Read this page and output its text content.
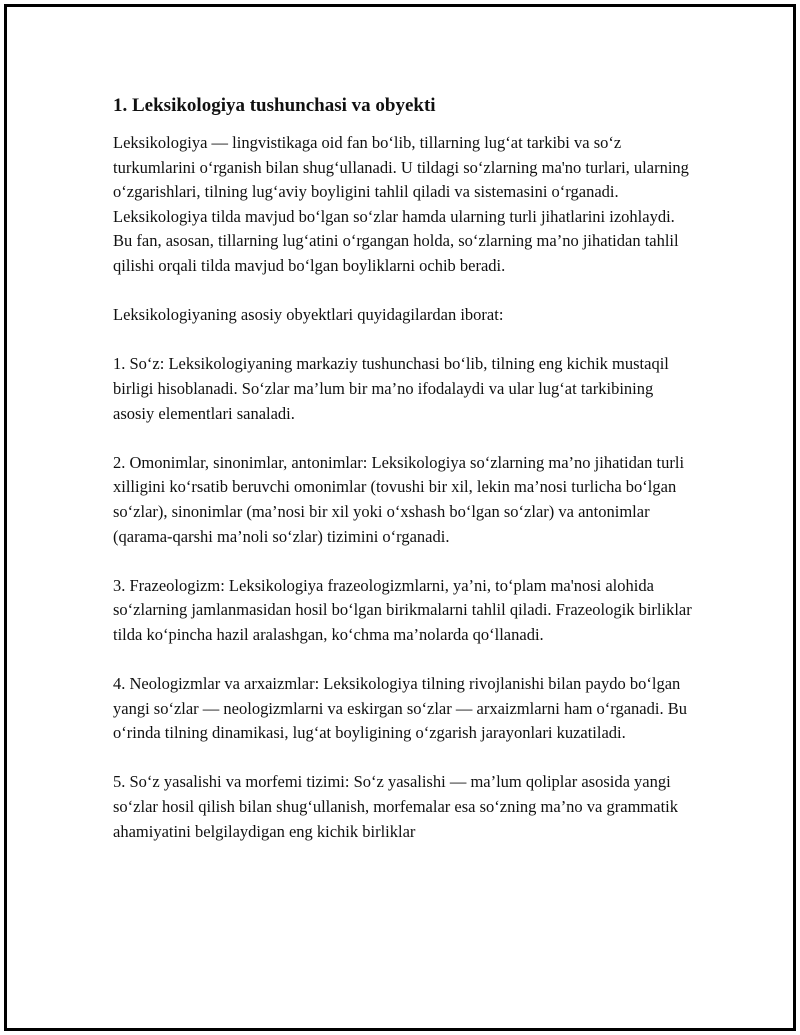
1. Leksikologiya tushunchasi va obyekti

Leksikologiya — lingvistikaga oid fan bo‘lib, tillarning lug‘at tarkibi va so‘z turkumlarini o‘rganish bilan shug‘ullanadi. U tildagi so‘zlarning ma'no turlari, ularning o‘zgarishlari, tilning lug‘aviy boyligini tahlil qiladi va sistemasini o‘rganadi. Leksikologiya tilda mavjud bo‘lgan so‘zlar hamda ularning turli jihatlarini izohlaydi. Bu fan, asosan, tillarning lug‘atini o‘rgangan holda, so‘zlarning ma’no jihatidan tahlil qilishi orqali tilda mavjud bo‘lgan boyliklarni ochib beradi.

Leksikologiyaning asosiy obyektlari quyidagilardan iborat:

1. So‘z: Leksikologiyaning markaziy tushunchasi bo‘lib, tilning eng kichik mustaqil birligi hisoblanadi. So‘zlar ma’lum bir ma’no ifodalaydi va ular lug‘at tarkibining asosiy elementlari sanaladi.

2. Omonimlar, sinonimlar, antonimlar: Leksikologiya so‘zlarning ma’no jihatidan turli xilligini ko‘rsatib beruvchi omonimlar (tovushi bir xil, lekin ma’nosi turlicha bo‘lgan so‘zlar), sinonimlar (ma’nosi bir xil yoki o‘xshash bo‘lgan so‘zlar) va antonimlar (qarama-qarshi ma’noli so‘zlar) tizimini o‘rganadi.

3. Frazeologizm: Leksikologiya frazeologizmlarni, ya’ni, to‘plam ma'nosi alohida so‘zlarning jamlanmasidan hosil bo‘lgan birikmalarni tahlil qiladi. Frazeologik birliklar tilda ko‘pincha hazil aralashgan, ko‘chma ma’nolarda qo‘llanadi.

4. Neologizmlar va arxaizmlar: Leksikologiya tilning rivojlanishi bilan paydo bo‘lgan yangi so‘zlar — neologizmlarni va eskirgan so‘zlar — arxaizmlarni ham o‘rganadi. Bu o‘rinda tilning dinamikasi, lug‘at boyligining o‘zgarish jarayonlari kuzatiladi.

5. So‘z yasalishi va morfemi tizimi: So‘z yasalishi — ma’lum qoliplar asosida yangi so‘zlar hosil qilish bilan shug‘ullanish, morfemalar esa so‘zning ma’no va grammatik ahamiyatini belgilaydigan eng kichik birliklar
